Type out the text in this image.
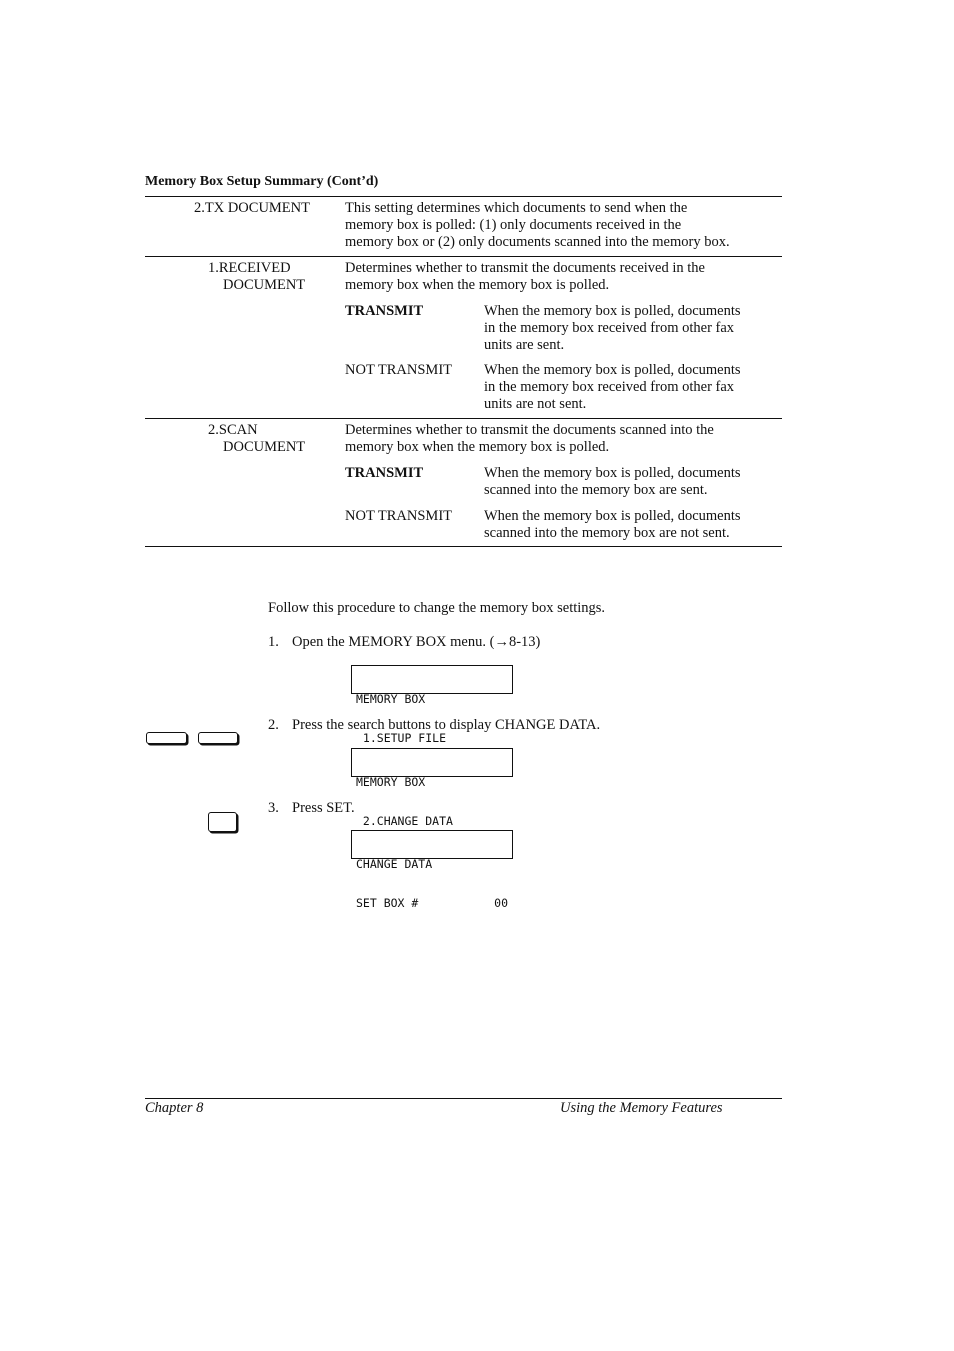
Memory Box Setup Summary (Cont’d)
2.TX DOCUMENT This setting determines which documents to send when the
memory box is polled: (1) only documents received in the
memory box or (2) only documents scanned into the memory box.
1.RECEIVED
DOCUMENT
Determines whether to transmit the documents received in the
memory box when the memory box is polled.
TRANSMIT	When the memory box is polled, documents
in the memory box received from other fax
units are sent.
NOT TRANSMIT When the memory box is polled, documents
in the memory box received from other fax
units are not sent.
2.SCAN
DOCUMENT
Determines whether to transmit the documents scanned into the
memory box when the memory box is polled.
TRANSMIT	When the memory box is polled, documents
scanned into the memory box are sent.
NOT TRANSMIT When the memory box is polled, documents
scanned into the memory box are not sent.
Follow this procedure to change the memory box settings.
1. Open the MEMORY BOX menu. (→8-13)

MEMORY BOX

1.SETUP FILE

2. Press the search buttons to display CHANGE DATA.

MEMORY BOX

2.CHANGE DATA

3. Press SET.

CHANGE DATA

SET BOX #	00

Chapter 8	Using the Memory Features
